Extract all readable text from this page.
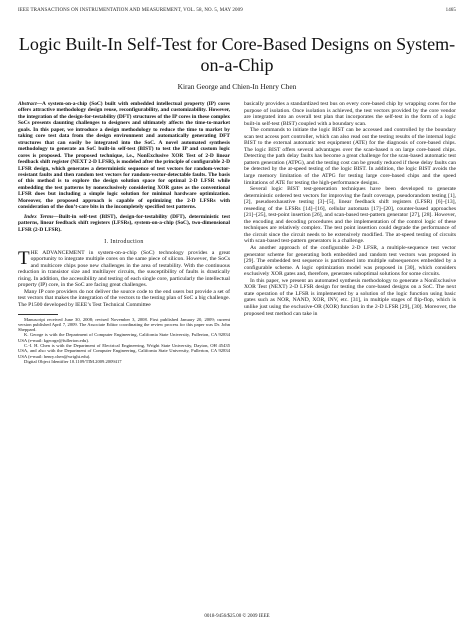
IEEE TRANSACTIONS ON INSTRUMENTATION AND MEASUREMENT, VOL. 58, NO. 5, MAY 2009	1465
Logic Built-In Self-Test for Core-Based Designs on System-on-a-Chip
Kiran George and Chien-In Henry Chen

Abstract—A system-on-a-chip (SoC) built with embedded intellectual property (IP) cores offers attractive methodology design reuse, reconfigurability, and customizability. However, the integration of the design-for-testability (DFT) structures of the IP cores in these complex SoCs presents daunting challenges to designers and ultimately affects the time-to-market goals. In this paper, we introduce a design methodology to reduce the time to market by taking core test data from the design environment and automatically generating DFT structures that can easily be integrated into the SoC. A novel automated synthesis methodology to generate an SoC built-in self-test (BIST) to test the IP and custom logic cores is proposed. The proposed technique, i.e., NonExclusive XOR Test of 2-D linear feedback shift register (NEXT 2-D LFSR), is modeled after the principle of configurable 2-D LFSR design, which generates a deterministic sequence of test vectors for random-vector-resistant faults and then random test vectors for random-vector-detectable faults. The basis of this method is to explore the design solution space for optimal 2-D LFSR while embedding the test patterns by nonexclusively considering XOR gates as the conventional LFSR does but including a simple logic solution for minimal hardware optimization. Moreover, the proposed approach is capable of optimizing the 2-D LFSRs with consideration of the don’t-care bits in the incompletely specified test patterns.

Index Terms—Built-in self-test (BIST), design-for-testability (DFT), deterministic test patterns, linear feedback shift registers (LFSRs), system-on-a-chip (SoC), two-dimensional LFSR (2-D LFSR).

I. Introduction

THE ADVANCEMENT in system-on-a-chip (SoC) technology provides a great opportunity to integrate multiple cores on the same piece of silicon. However, the SoCs and multicore chips pose new challenges in the area of testability. With the continuous reduction in transistor size and multilayer circuits, the susceptibility of faults is drastically rising. In addition, the accessibility and testing of each single core, particularly the intellectual property (IP) core, in the SoC are facing great challenges.

Many IP core providers do not deliver the source code to the end users but provide a set of test vectors that makes the integration of the vectors to the testing plan of SoC a big challenge. The P1500 developed by IEEE’s Test Technical Committee

Manuscript received June 30, 2008; revised November 3, 2008. First published January 20, 2009; current version published April 7, 2009. The Associate Editor coordinating the review process for this paper was Dr. John Sheppard.

K. George is with the Department of Computer Engineering, California State University, Fullerton, CA 92834 USA (e-mail: kgeorge@fullerton.edu).

C.-I. H. Chen is with the Department of Electrical Engineering, Wright State University, Dayton, OH 45435 USA, and also with the Department of Computer Engineering, California State University, Fullerton, CA 92834 USA (e-mail: henry.chen@wright.edu).

Digital Object Identifier 10.1109/TIM.2009.2009417

basically provides a standardized test bus on every core-based chip by wrapping cores for the purpose of isolation. Once isolation is achieved, the test vectors provided by the core vendor are integrated into an overall test plan that incorporates the self-test in the form of a logic built-in self-test (BIST) coupled with a boundary scan.

The commands to initiate the logic BIST can be accessed and controlled by the boundary scan test access port controller, which can also read out the testing results of the internal logic BIST to the external automatic test equipment (ATE) for the diagnosis of core-based chips. The logic BIST offers several advantages over the scan-based n on large core-based chips. Detecting the path delay faults has become a great challenge for the scan-based automatic test pattern generation (ATPG), and the testing cost can be greatly reduced if these delay faults can be detected by the at-speed testing of the logic BIST. In addition, the logic BIST avoids the large memory limitation of the ATPG for testing large core-based chips and the speed limitations of ATE for testing the high-performance designs.

Several logic BIST test-generation techniques have been developed to generate deterministic ordered test vectors for improving the fault coverage, pseudorandom testing [1], [2], pseudoexhaustive testing [3]–[5], linear feedback shift registers (LFSR) [6]–[13], reseeding of the LFSRs [14]–[16], cellular automata [17]–[20], counter-based approaches [21]–[25], test-point insertion [26], and scan-based test-pattern generator [27], [28]. However, the encoding and decoding procedures and the implementation of the control logic of these techniques are relatively complex. The test point insertion could degrade the performance of the circuit since the circuit needs to be extensively modified. The at-speed testing of circuits with scan-based test-pattern generators is a challenge.

As another approach of the configurable 2-D LFSR, a multiple-sequence test vector generator scheme for generating both embedded and random test vectors was proposed in [29]. The embedded test sequence is partitioned into multiple subsequences embedded by a configurable scheme. A logic optimization model was proposed in [30], which considers exclusively XOR gates and, therefore, generates suboptimal solutions for some circuits.

In this paper, we present an automated synthesis methodology to generate a NonExclusive XOR Test (NEXT) 2-D LFSR design for testing the core-based designs on a SoC. The next state operation of the LFSR is implemented by a solution of the logic function using basic gates such as NOR, NAND, XOR, INV, etc. [31], in multiple stages of flip-flop, which is unlike just using the exclusive-OR (XOR) function in the 2-D LFSR [29], [30]. Moreover, the proposed test method can take in

0018-9456/$25.00 © 2009 IEEE
